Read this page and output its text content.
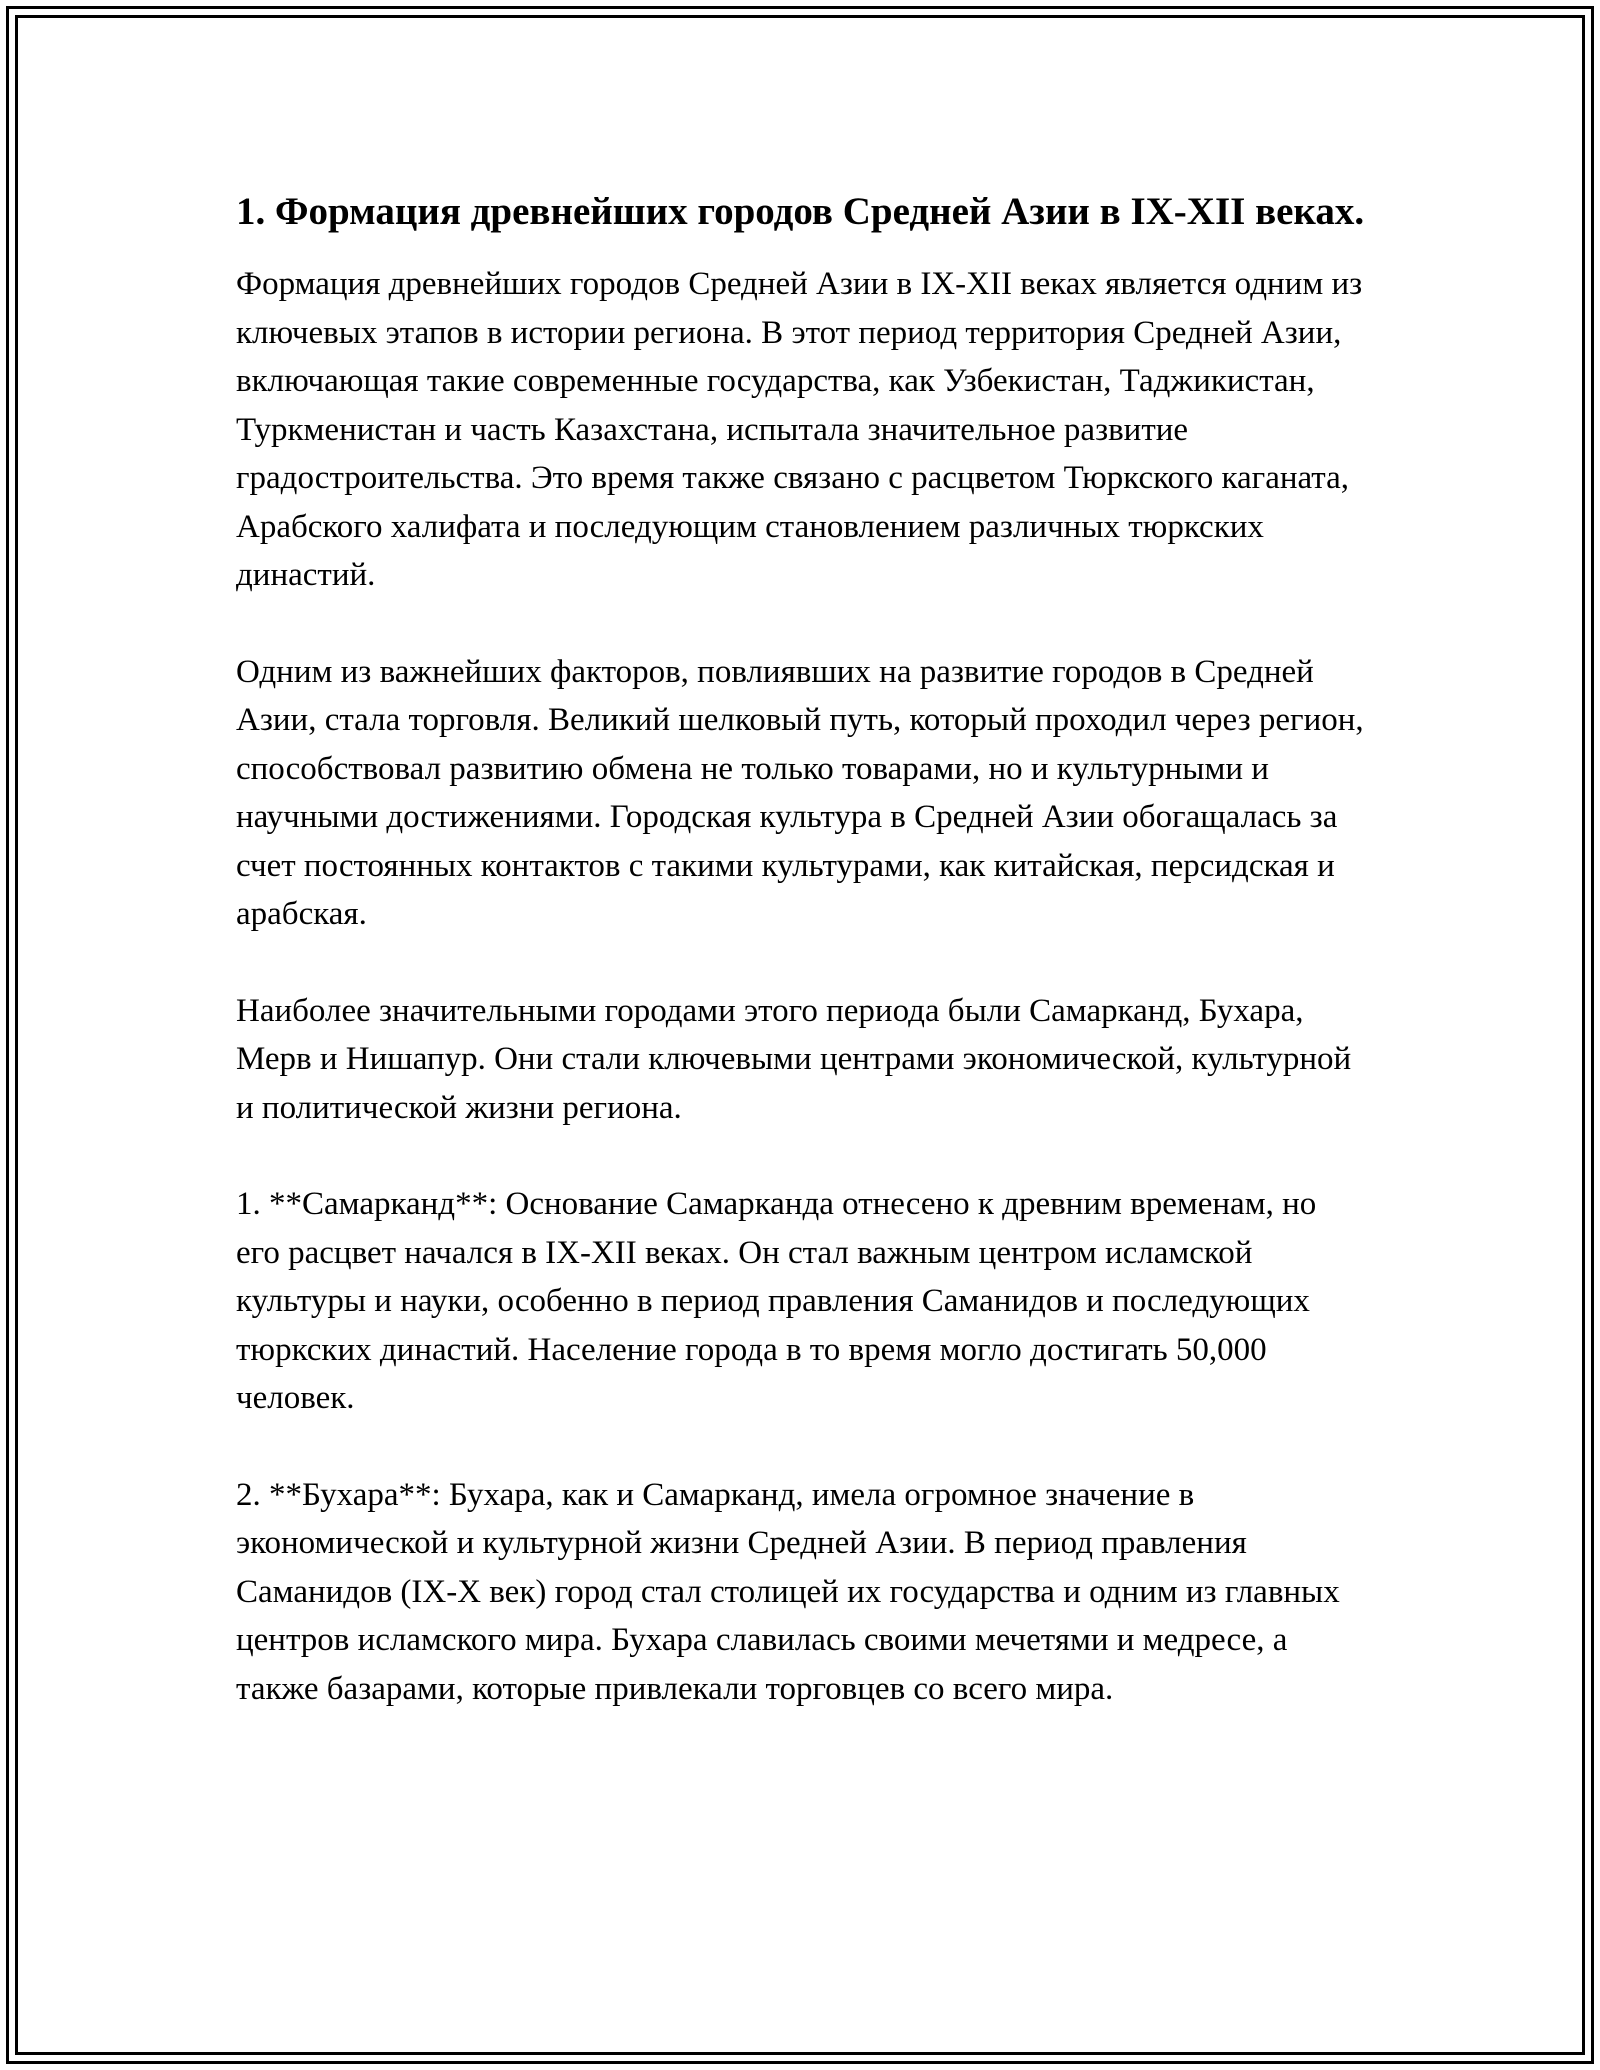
1. Формация древнейших городов Средней Азии в IX-XII веках.

Формация древнейших городов Средней Азии в IX-XII веках является одним из ключевых этапов в истории региона. В этот период территория Средней Азии, включающая такие современные государства, как Узбекистан, Таджикистан, Туркменистан и часть Казахстана, испытала значительное развитие градостроительства. Это время также связано с расцветом Тюркского каганата, Арабского халифата и последующим становлением различных тюркских династий.

Одним из важнейших факторов, повлиявших на развитие городов в Средней Азии, стала торговля. Великий шелковый путь, который проходил через регион, способствовал развитию обмена не только товарами, но и культурными и научными достижениями. Городская культура в Средней Азии обогащалась за счет постоянных контактов с такими культурами, как китайская, персидская и арабская.

Наиболее значительными городами этого периода были Самарканд, Бухара, Мерв и Нишапур. Они стали ключевыми центрами экономической, культурной и политической жизни региона.

1. **Самарканд**: Основание Самарканда отнесено к древним временам, но его расцвет начался в IX-XII веках. Он стал важным центром исламской культуры и науки, особенно в период правления Саманидов и последующих тюркских династий. Население города в то время могло достигать 50,000 человек.

2. **Бухара**: Бухара, как и Самарканд, имела огромное значение в экономической и культурной жизни Средней Азии. В период правления Саманидов (IX-X век) город стал столицей их государства и одним из главных центров исламского мира. Бухара славилась своими мечетями и медресе, а также базарами, которые привлекали торговцев со всего мира.
